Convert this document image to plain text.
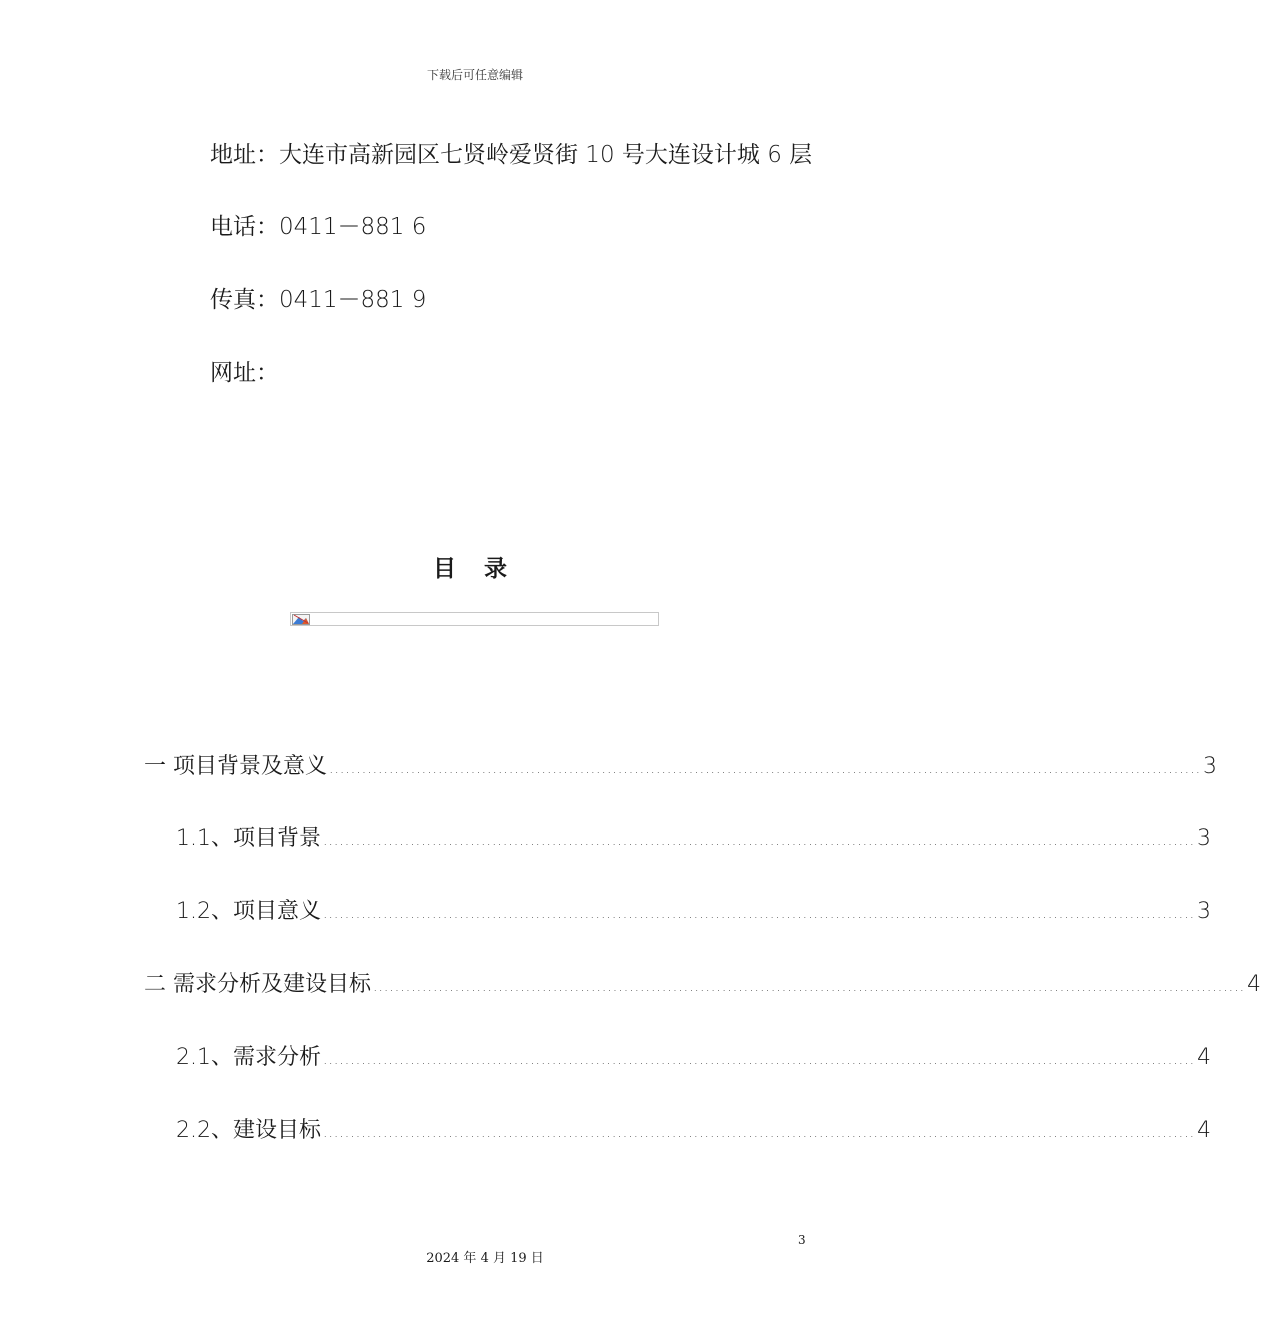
下载后可任意编辑
地址：大连市高新园区七贤岭爱贤街 10 号大连设计城 6 层
电话：0411－881 6
传真：0411－881 9
网址：
目 录
一 项目背景及意义 ................................................................................................................................................................ 3
1.1、项目背景 ................................................................................................................................................................ 3
1.2、项目意义 ................................................................................................................................................................ 3
二 需求分析及建设目标 ................................................................................................................................................................ 4
2.1、需求分析 ................................................................................................................................................................ 4
2.2、建设目标 ................................................................................................................................................................ 4
3
2024 年 4 月 19 日
